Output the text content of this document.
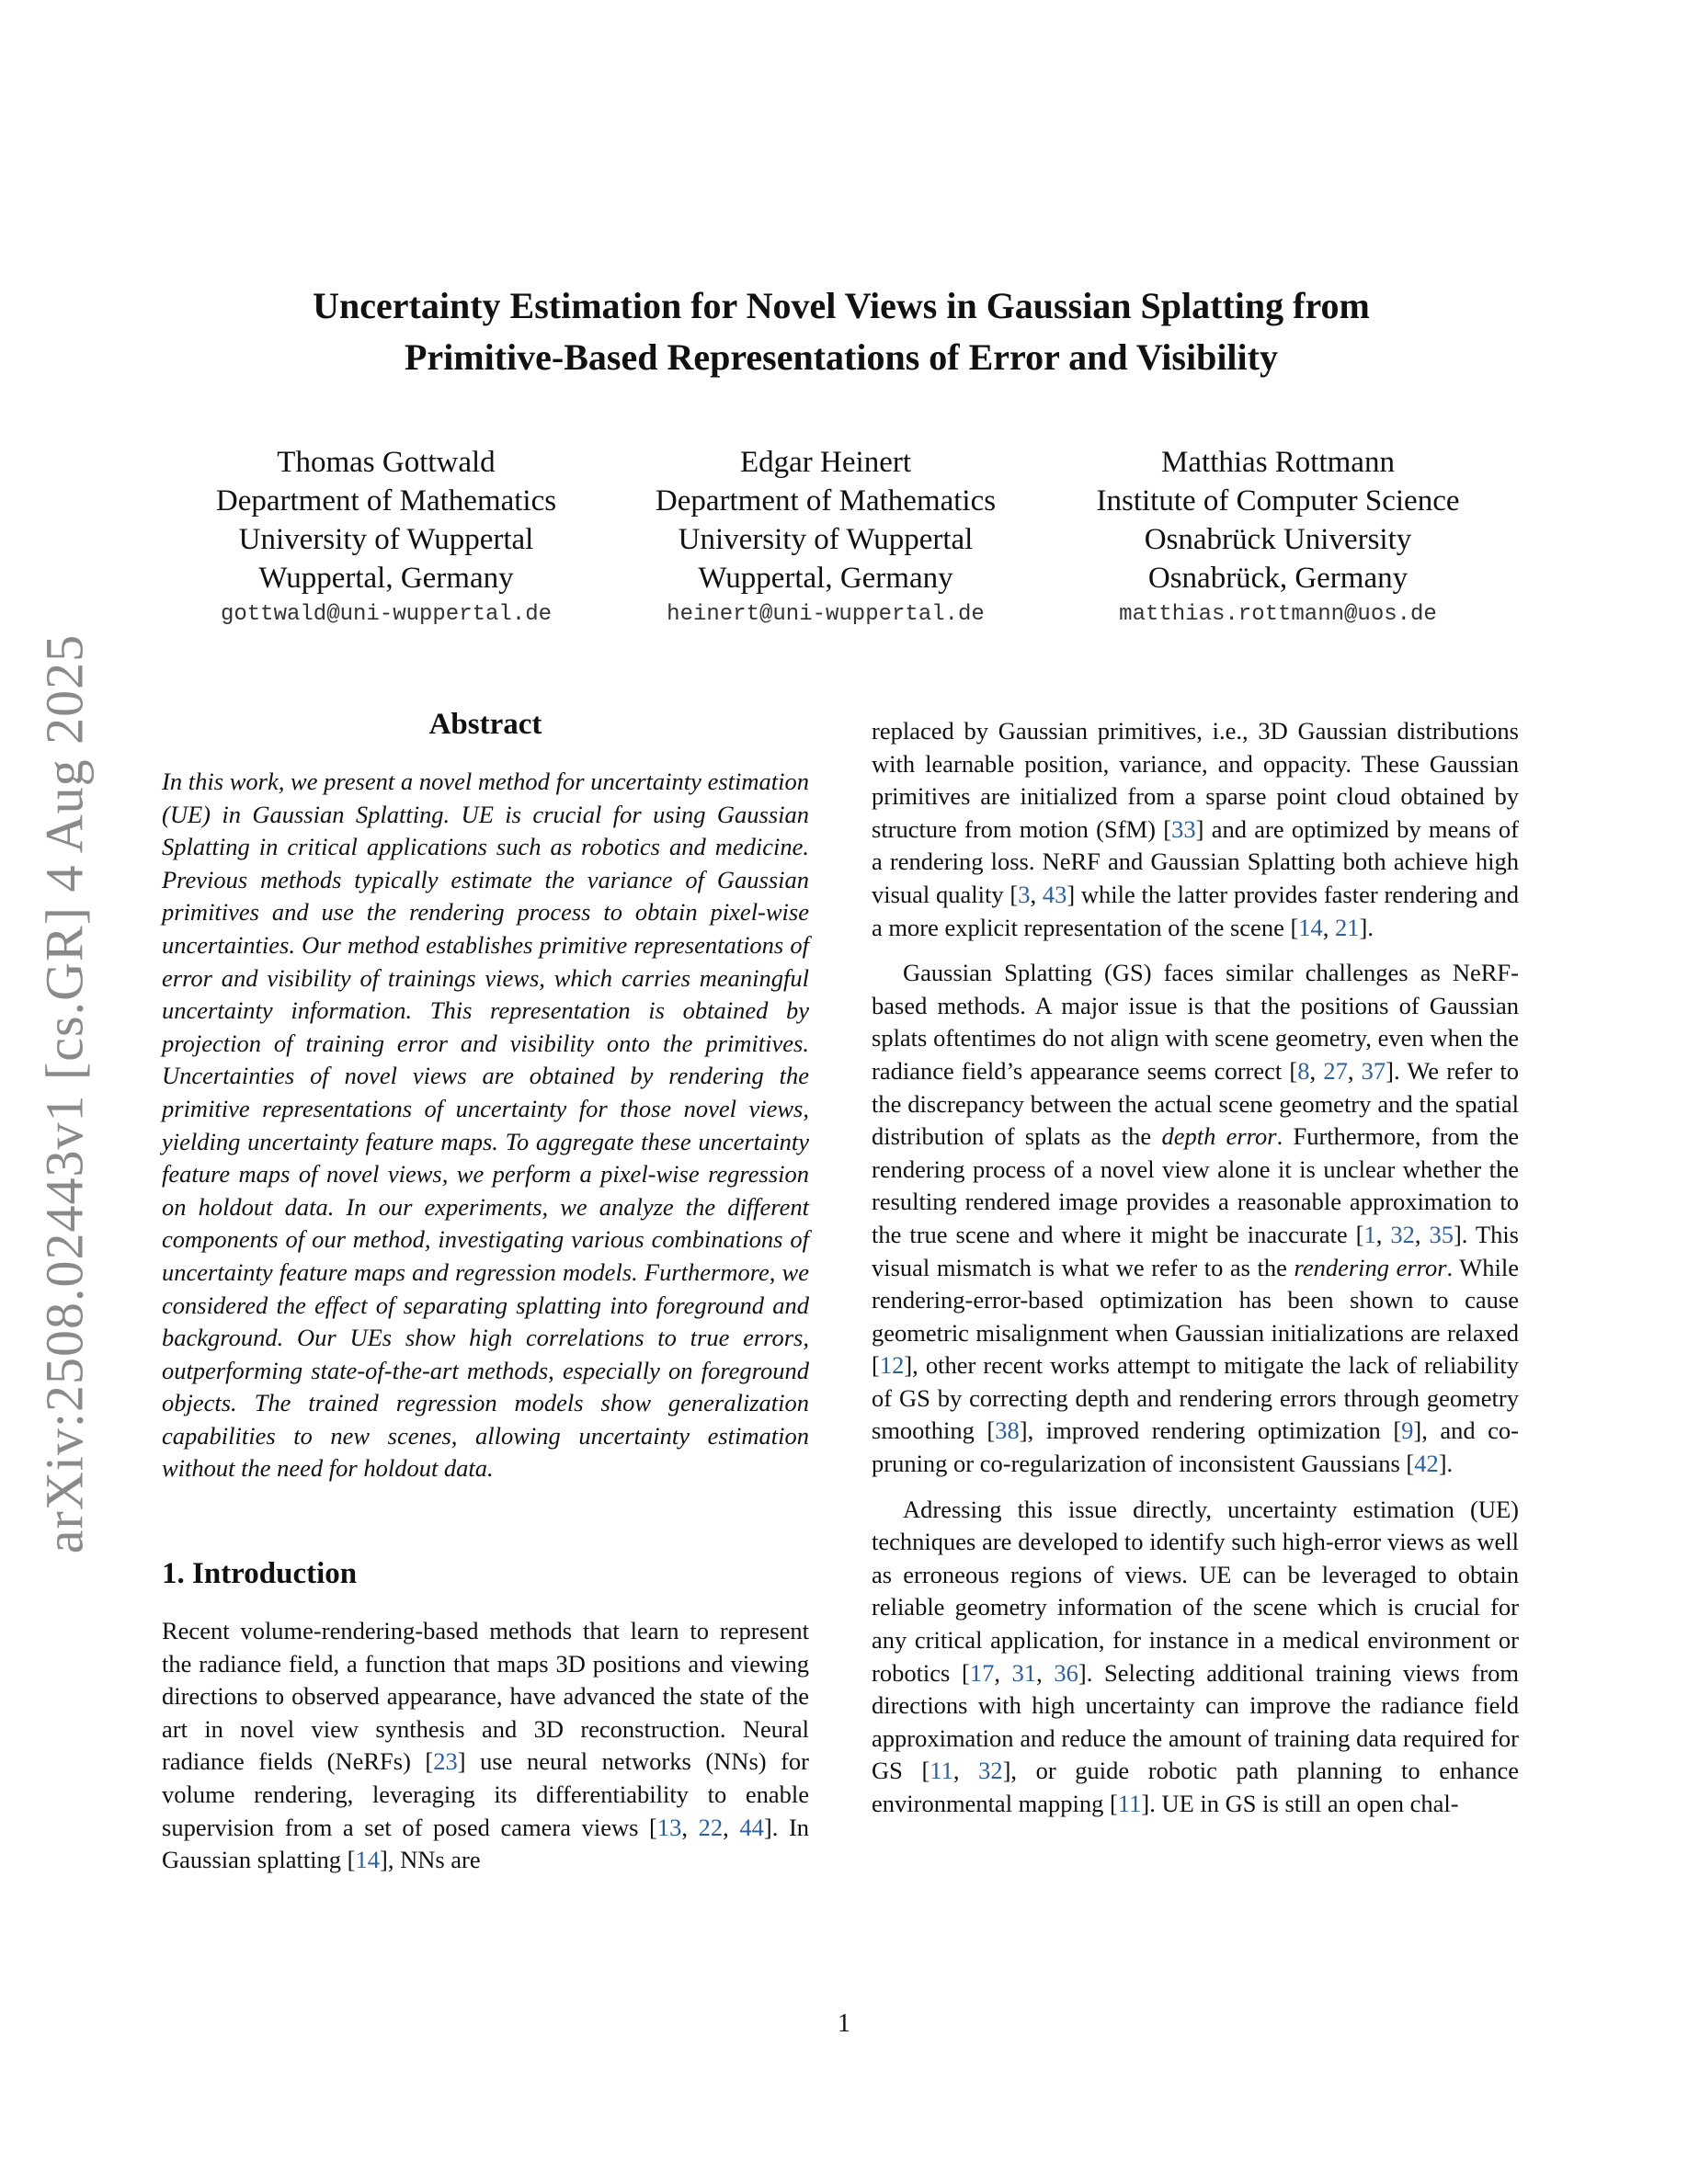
arXiv:2508.02443v1 [cs.GR] 4 Aug 2025
Uncertainty Estimation for Novel Views in Gaussian Splatting from
Primitive-Based Representations of Error and Visibility
Thomas Gottwald
Department of Mathematics
University of Wuppertal
Wuppertal, Germany
gottwald@uni-wuppertal.de
Edgar Heinert
Department of Mathematics
University of Wuppertal
Wuppertal, Germany
heinert@uni-wuppertal.de
Matthias Rottmann
Institute of Computer Science
Osnabrück University
Osnabrück, Germany
matthias.rottmann@uos.de
Abstract

In this work, we present a novel method for uncertainty estimation (UE) in Gaussian Splatting. UE is crucial for using Gaussian Splatting in critical applications such as robotics and medicine. Previous methods typically estimate the variance of Gaussian primitives and use the rendering process to obtain pixel-wise uncertainties. Our method establishes primitive representations of error and visibility of trainings views, which carries meaningful uncertainty information. This representation is obtained by projection of training error and visibility onto the primitives. Uncertainties of novel views are obtained by rendering the primitive representations of uncertainty for those novel views, yielding uncertainty feature maps. To aggregate these uncertainty feature maps of novel views, we perform a pixel-wise regression on holdout data. In our experiments, we analyze the different components of our method, investigating various combinations of uncertainty feature maps and regression models. Furthermore, we considered the effect of separating splatting into foreground and background. Our UEs show high correlations to true errors, outperforming state-of-the-art methods, especially on foreground objects. The trained regression models show generalization capabilities to new scenes, allowing uncertainty estimation without the need for holdout data.

1. Introduction

Recent volume-rendering-based methods that learn to represent the radiance field, a function that maps 3D positions and viewing directions to observed appearance, have advanced the state of the art in novel view synthesis and 3D reconstruction. Neural radiance fields (NeRFs) [23] use neural networks (NNs) for volume rendering, leveraging its differentiability to enable supervision from a set of posed camera views [13, 22, 44]. In Gaussian splatting [14], NNs are

replaced by Gaussian primitives, i.e., 3D Gaussian distributions with learnable position, variance, and oppacity. These Gaussian primitives are initialized from a sparse point cloud obtained by structure from motion (SfM) [33] and are optimized by means of a rendering loss. NeRF and Gaussian Splatting both achieve high visual quality [3, 43] while the latter provides faster rendering and a more explicit representation of the scene [14, 21].

Gaussian Splatting (GS) faces similar challenges as NeRF-based methods. A major issue is that the positions of Gaussian splats oftentimes do not align with scene geometry, even when the radiance field’s appearance seems correct [8, 27, 37]. We refer to the discrepancy between the actual scene geometry and the spatial distribution of splats as the depth error. Furthermore, from the rendering process of a novel view alone it is unclear whether the resulting rendered image provides a reasonable approximation to the true scene and where it might be inaccurate [1, 32, 35]. This visual mismatch is what we refer to as the rendering error. While rendering-error-based optimization has been shown to cause geometric misalignment when Gaussian initializations are relaxed [12], other recent works attempt to mitigate the lack of reliability of GS by correcting depth and rendering errors through geometry smoothing [38], improved rendering optimization [9], and co-pruning or co-regularization of inconsistent Gaussians [42].

Adressing this issue directly, uncertainty estimation (UE) techniques are developed to identify such high-error views as well as erroneous regions of views. UE can be leveraged to obtain reliable geometry information of the scene which is crucial for any critical application, for instance in a medical environment or robotics [17, 31, 36]. Selecting additional training views from directions with high uncertainty can improve the radiance field approximation and reduce the amount of training data required for GS [11, 32], or guide robotic path planning to enhance environmental mapping [11]. UE in GS is still an open chal-

1
